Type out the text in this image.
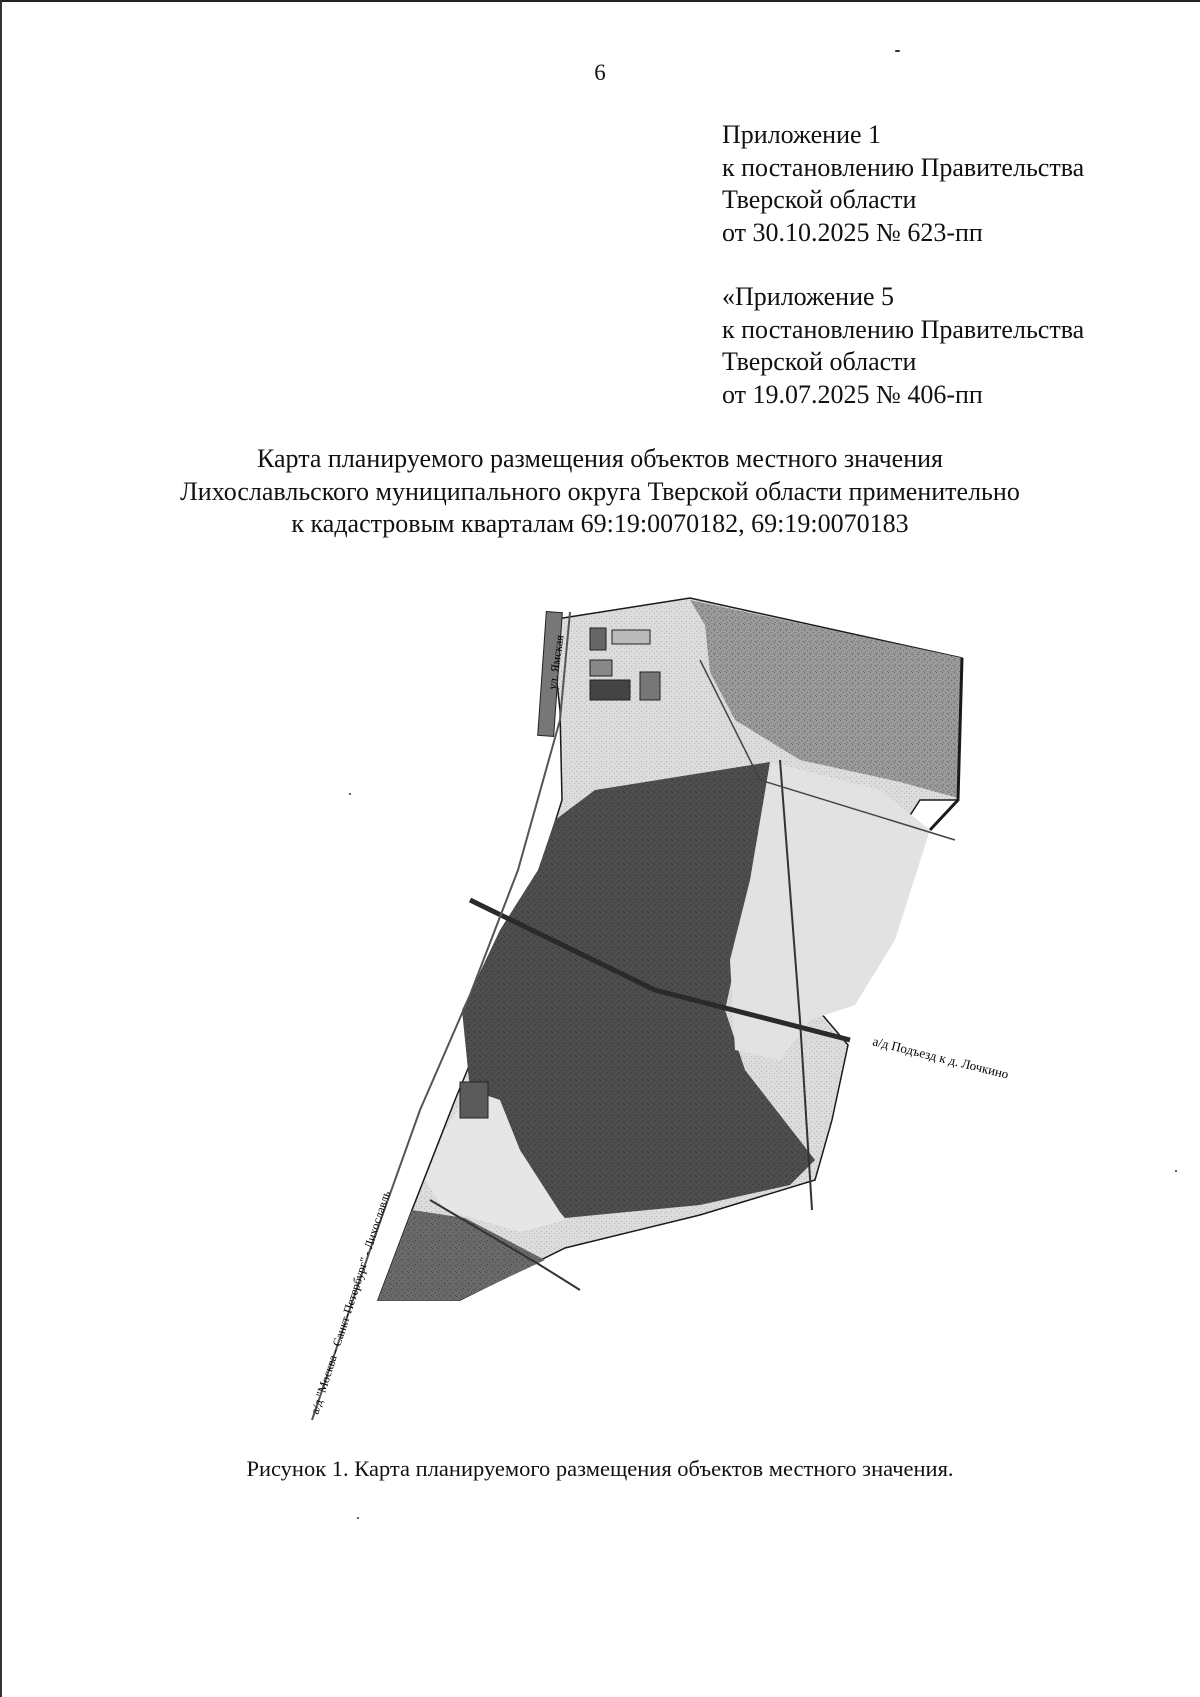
6
Приложение 1
к постановлению Правительства
Тверской области
от 30.10.2025 № 623-пп
«Приложение 5
к постановлению Правительства
Тверской области
от 19.07.2025 № 406-пп
Карта планируемого размещения объектов местного значения
Лихославльского муниципального округа Тверской области применительно
к кадастровым кварталам 69:19:0070182, 69:19:0070183
ул. Ямская
а/д Подъезд к д. Лочкино
а/д "Москва - Санкт-Петербург" - Лихославль
Рисунок 1. Карта планируемого размещения объектов местного значения.
